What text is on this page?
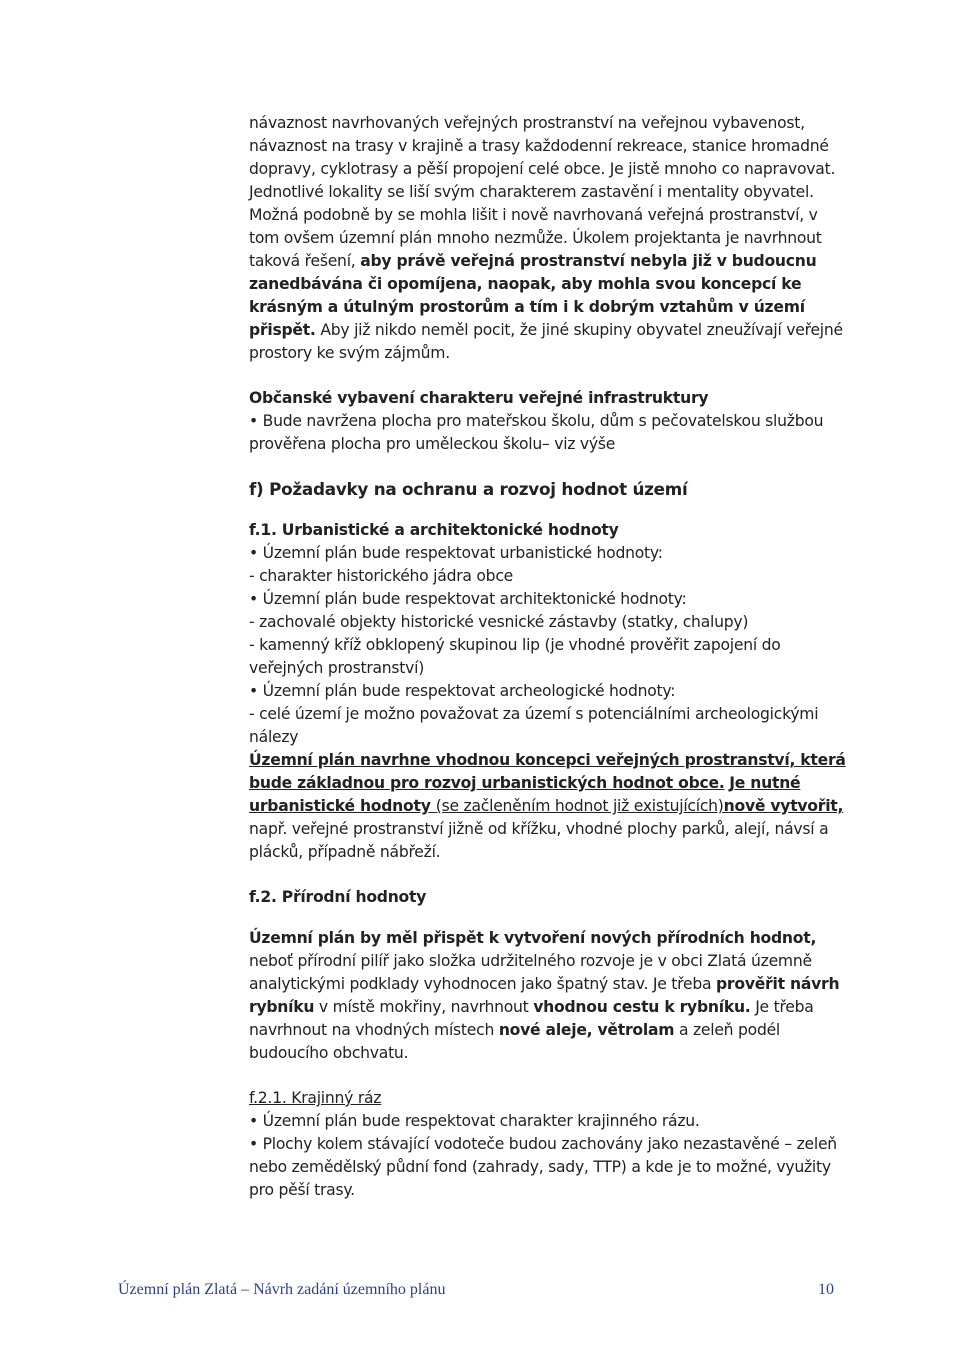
návaznost navrhovaných veřejných prostranství na veřejnou vybavenost, návaznost na trasy v krajině a trasy každodenní rekreace, stanice hromadné dopravy, cyklotrasy a pěší propojení celé obce. Je jistě mnoho co napravovat. Jednotlivé lokality se liší svým charakterem zastavění i mentality obyvatel. Možná podobně by se mohla lišit i nově navrhovaná veřejná prostranství, v tom ovšem územní plán mnoho nezmůže. Úkolem projektanta je navrhnout taková řešení, aby právě veřejná prostranství nebyla již v budoucnu zanedbávána či opomíjena, naopak, aby mohla svou koncepcí ke krásným a útulným prostorům a tím i k dobrým vztahům v území přispět. Aby již nikdo neměl pocit, že jiné skupiny obyvatel zneužívají veřejné prostory ke svým zájmům.

Občanské vybavení charakteru veřejné infrastruktury

• Bude navržena plocha pro mateřskou školu, dům s pečovatelskou službou prověřena plocha pro uměleckou školu– viz výše

f) Požadavky na ochranu a rozvoj hodnot území

f.1. Urbanistické a architektonické hodnoty

• Územní plán bude respektovat urbanistické hodnoty:

- charakter historického jádra obce

• Územní plán bude respektovat architektonické hodnoty:

- zachovalé objekty historické vesnické zástavby (statky, chalupy)

- kamenný kříž obklopený skupinou lip (je vhodné prověřit zapojení do veřejných prostranství)

• Územní plán bude respektovat archeologické hodnoty:

- celé území je možno považovat za území s potenciálními archeologickými nálezy

Územní plán navrhne vhodnou koncepci veřejných prostranství, která bude základnou pro rozvoj urbanistických hodnot obce. Je nutné urbanistické hodnoty (se začleněním hodnot již existujících)nově vytvořit, např. veřejné prostranství jižně od křížku, vhodné plochy parků, alejí, návsí a plácků, případně nábřeží.

f.2. Přírodní hodnoty

Územní plán by měl přispět k vytvoření nových přírodních hodnot, neboť přírodní pilíř jako složka udržitelného rozvoje je v obci Zlatá územně analytickými podklady vyhodnocen jako špatný stav. Je třeba prověřit návrh rybníku v místě mokřiny, navrhnout vhodnou cestu k rybníku. Je třeba navrhnout na vhodných místech nové aleje, větrolam a zeleň podél budoucího obchvatu.

f.2.1. Krajinný ráz

• Územní plán bude respektovat charakter krajinného rázu.

• Plochy kolem stávající vodoteče budou zachovány jako nezastavěné – zeleň nebo zemědělský půdní fond (zahrady, sady, TTP) a kde je to možné, využity pro pěší trasy.

Územní plán Zlatá – Návrh zadání územního plánu	10
